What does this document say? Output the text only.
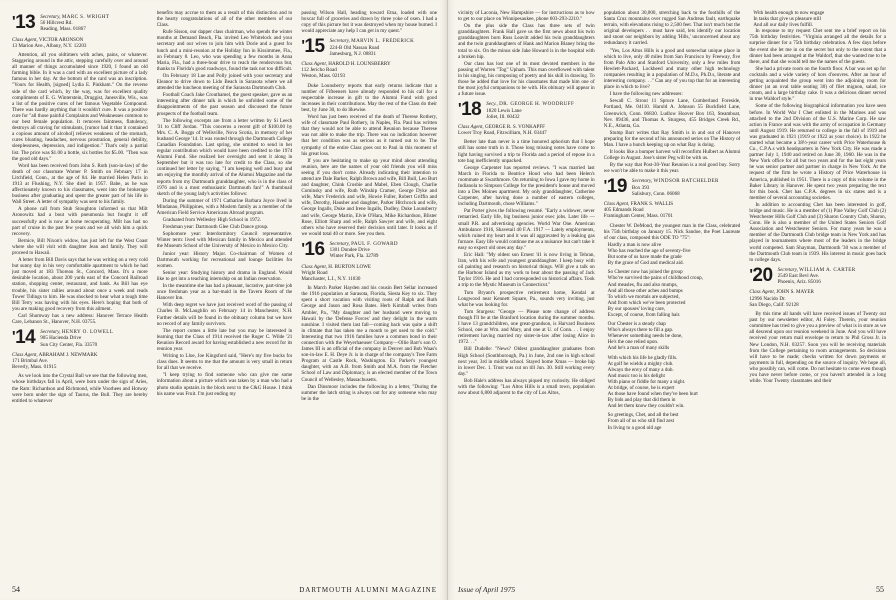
'13 Secretary, MARC S. WRIGHT
56 Hillcrest Rd.
Reading, Mass. 01867
Class Agent, VICTOR ARONSON
13 Marion Ave., Albany, N.Y. 12203

Attention, all you oldtimers with aches, pains, or whatever. Staggering around in the attic, stepping carefully over and around all manner of things accumulated since 1920, I found an old farming bible. In it was a card with an excellent picture of a lady famous in her day. At the bottom of the card was an inscription. "Yours for Health, [signed] Lydia E. Pinkham." On the reverse side of the card which, by the way, was for excellent quality compliments of E. G. Winterstein, Druggist, Janesville, Wis., was a list of the positive cures of her famous Vegetable Compound. There was hardly anything that it wouldn't cure. It was a positive cure for "all those painful Complaints and Weaknesses common to our best female population. It removes faintness, flatulency, destroys all craving for stimulants, [rumor had it that it contained a copious amount of alcohol] relieves weakness of the stomach, cures bloating, headaches, nervous prostration, general debility, sleeplessness, depression, and indigestion." That's only a partial list. The price was $1.00 a bottle, six bottles for $5.00. "Then was the good old days."

Word has been received from John S. Ruth (son-in-law) of the death of our classmate Warner P. Smith on February 17 in Litchfield, Conn., at the age of 84. He married Helen Paris in 1913 at Flushing, N.Y. She died in 1957. Babe, as he was affectionately known to his classmates, went into the brokerage business after graduating and spent the greater part of his life in Wall Street. A letter of sympathy was sent to his family.

A phone call from Stub Stoughton informed us that Milt Aronowitz had a bout with pneumonia but fought it off successfully and is now at home recuperating. Milt has had no part of cruise in the past few years and we all wish him a quick recovery.

Bernice, Bill Nixon's widow, has just left for the West Coast where she will visit with daughter Jean and family. They will proceed to Hawaii.

A letter from Bill Davis says that he was writing on a very cold but sunny day in his very comfortable apartment to which he had just moved at 183 Thoreau St., Concord, Mass. It's a more desirable location, about 200 yards east of the Concord Railroad station, shopping center, restaurant, and bank. As Bill has eye trouble, his sister rallies around about once a week and reads Tower Tidings to him. He was shocked to hear what a tough time Bill Terry was having with his eyes. Here's hoping that both of you are making good recovery from this ailment.

Carl Shumway has a new address: Hanover Terrace Health Care, Lebanon St., Hanover, N.H. 03755.

'14 Secretary, HENRY O. LOWELL
905 Hacienda Drive
Sun City Center, Fla. 33570
Class Agent, ABRAHAM J. NEWMARK
171 Brimbal Ave.
Beverly, Mass. 01915

As we look into the Crystal Ball we see that the following men, whose birthdays fall in April, were born under the sign of Aries, the Ram: Richardson and Richmond, while Voorhees and Hotway were born under the sign of Taurus, the Bull. They are hereby entitled to whatever

benefits may accrue to them as a result of this distinction and to the hearty congratulations of all of the other members of our Class.

Rufe Sisson, our dapper class chairman, who spends the winter months at Demand Beach, Fla. invited Leo Whitelock and your secretary and our wives to join him with Dorie and a guest for lunch and a mini-reunion at the Holiday Inn in Kissimmee, Fla., on February 8. Leo, who was spending a few months in Anna Maria, Fla., had a three-hour drive to reach the rendezvous but, thanks to Florida's good roadways, found the task not too difficult.

On February 18 Lue and Polly joined with your secretary and Eleanor to drive down to Lido Beach in Sarasota where we all attended the luncheon meeting of the Sarasota Dartmouth Club.

Football Coach Jake Crouthamel, the guest speaker, gave us an interesting after dinner talk in which he unfolded some of the disappointments of the past season and discussed the future prospects of the football team.

The following excerpts are from a letter written by Si Leech '31 to Cliff Jordan. "This concerns a recent gift of $100.00 by Mrs. C. A. Boggs of Wellsville, Nova Scotia, in memory of her husband George '14. It was routed through the Dartmouth College Canadian Foundation. Last spring, she omitted to send in her regular contribution which would have been credited to the 1974 Alumni Fund. She realized her oversight and sent it along in September but it was too late for credit to the Class, so she continued her letter by saying, "I am keeping well and busy and am enjoying the monthly arrival of the Alumni Magazine and the reports from my Dartmouth granddaughter, who is in the class of 1976 and is a most enthusiastic Dartmouth fan!" A thumbnail sketch of the young lady's activities follows:

During the summer of 1971 Catharine Barbara Joyce lived in Mindanao, Philippines, with a Moslem family as a member of the American Field Service Americans Abroad program.

Graduated from Wellesley High School in 1972.

Freshman year: Dartmouth Glee Club Dance group.

Sophomore year: Interdormitory Council representative. Winter term: lived with Mexican family in Mexico and attended the Museum School of the University of Mexico in Mexico City.

Junior year: History Major. Co-chairman of Women of Dartmouth working for recreational and lounge facilities for women.

Senior year: Studying history and drama in England. Would like to get into a teaching internship on an Indian reservation.

In the meantime she has had a pleasant, lucrative, part-time job once freshman year as a bar-maid in the Tavern Room of the Hanover Inn.

With deep regret we have just received word of the passing of Charles B. McLaughlin on February 14 in Manchester, N.H. Further details will be found in the obituary column but we have no record of any family survivors.

The report comes a little late but you may be interested in learning that the Class of 1914 received the Roger C. Wilde '21 Reunion Record award for having established a new record for its reunion year.

Writing to Lloe, Joe Kingsford said, "Here's my five bucks for class dues. It seems to me that the amount is very small in return for all that we receive.

"I keep trying to find someone who can give me some information about a picture which was taken by a man who had a photo studio upstairs in the block next to the C&G House. I think his name was Fruit. I'm just ending my

passing Wilson Hall, heading toward Etna, loaded with one boxcar full of groceries and drawn by three yoke of oxen. I had a copy of this picture but it was destroyed when my house burned. I would appreciate any help I can get in my quest."

'15 Secretary, MARVIN L. FREDERICK
224-B Old Nassau Road
Jamesburg, N.J. 08831
Class Agent, HAROLD H. LOUNSBERRY
112 Jericho Road
Weston, Mass. 02193

Duke Lounsberry reports that early returns indicate that a number of Fifteeners have already responded to his call for a respectable increase in gift to the Alumni Fund with good increases in their contributions. May the rest of the Class do their best, by June 30, to do likewise.

Word has just been received of the death of Therese Rothery, wife of classmate Paul Rothery, in Naples, Fla. Paul has written that they would not be able to attend Reunion because Therese was not able to make the trip. There was no indication however that her condition was as serious as it turned out to be. The sympathy of the entire Class goes out to Paul in this moment of his great loss.

If you are hesitating to make up your mind about attending reunion, here are the names of your old friends you will miss seeing if you don't come. Already indicating their intention to attend are Dale Barker, Ralph Brown and wife, Bill Bull, Leo Burt and daughter, Chink Crosbie and Mabel, Eben Clough, Charlie Cominsky and wife, Ruth Winship Cramer, George Dyke and wife, Marv Frederick and wife, Howie Fuller, Robert Griffin and wife, Dorothy, Hausher and daughter, Parker Hitchcock and wife, George Ingalls, Duke and Irene Ingalls, Dudley, Duke Lounsberry and wife, George Martin, Elvie O'Hara, Mike Richardson, Blister Rose, Elliott Sharp and wife, Ralph Sawyer and wife, and eight others who have reserved their decision until later. It looks as if we would total 40 or more. See you then.

'16 Secretary, PAUL F. GOWARD
1301 Dundee Drive
Winter Park, Fla. 32789
Class Agent, H. BURTON LOWE
Wright Road
Manchaster, L.I., N.Y. 11030

In March Parker Hayden and his cousin Bert Sellar increased the 1916 population at Sarasota, Florida, Siesta Key to six. They spent a short vacation with visiting roots of Ralph and Ruth George and Jason and Rosa Bates. Herb Kimball writes from Ambler, Pa., "My daughter and her husband were moving to Hawaii by the 'Defense Forces' and they delight in the warm sunshine. I visited them last fall—coming back was quite a shift in climate that has taken me a month to get used to the cold." Interesting that two 1916 families have a common bond in their connection with the Weyerhaeuser Company—Ollie Barr's son O. James III is an official of the company in Denver and Bob Waas's son-in-law E. H. Deye Jr. is in charge of the company's Tree Farm Program at Castle Rock, Washington. Ex Parker's youngest daughter, with an A.B. from Smith and M.A. from the Fletcher School of Law and Diplomacy, is an elected member of the Town Council of Wellesley, Massachusetts.

Dan Dinsmoor includes the following in a letter, "During the summer the latch string is always out for any someone who may be in the

54	DARTMOUTH ALUMNI MAGAZINE

vicinity of Laconia, New Hampshire — for instructions as to how to get to our place on Winnipesaukee, phone 603-293-2210."

On the plus side the Class has three sets of twin granddaughters. Frank Hall gave us the first news about his twin granddaughters born Russ Leavitt added his twin granddaughters and the twin granddaughters of Hank and Marion Blaney bring the total to six. On the minus side Jake Howard is in the hospital with a broken hip.

Our class has lost one of its most devoted members in the passing of Warren "Tog" Upham. This man overflowed with talent in his singing, his composing of poetry and his skill in drawing. To those he added that love for his classmates that made him one of the most joyful companions to be with. His obituary will appear in a future issue.

'18 Secy., DR. GEORGE H. WOODRUFF
1820 Lewis Lane
Joliet, Ill. 60432
Class Agent, GEORGE R. S. VONKAPFF
Lower Troy Road, Fitzwilliam, N.H. 03447

Better late than never is a time honored aphorism that I hope still has some truth in it. Those long missing notes have come to light having survived a trip to Florida and a period of repose in a tote bag inefficiently unpacked.

George Carpenter has reported reviews. "I was married last March in Florida to Beatrice Hood who had been Helen's roommate at Swarthmore. On returning to Iowa I gave my home in Indianola to Simpson College for the president's house and moved into a Des Moines apartment. My only granddaughter, Catherine Carpenter, after having done a number of eastern colleges, including Dartmouth, chose Williams."

Pat Porter gives the following resumé. "Early a widower, never remarried. Early life, big business junior exec jobs. Later life — small P.R. and advertising agencies. World War One. American Ambulance 1916, Shavetail 40 F.A. 1917 — Lately employments, which ruined my heart and it was all aggravated by a leaking gas furnace. Easy life would continue me as a nuisance but can't take it easy so expect old ones any day."

Eric Hall: "My oldest son Ernest '41 is now living in Tehran, Iran, with his wife and youngest granddaughter. I keep busy with oil painting and research on historical things. Will give a talk on the Harbour Island as my work to hear about the passing of Jack Taylor 1916. He and I had corresponded on historical affairs. Took a trip to the Mystic Museum in Connecticut."

Tom Bryant's prospective retirement home, Kendal at Longwood near Kennett Square, Pa., sounds very inviting, just what he was looking for.

Tom Sturgess: "George — Please note change of address though I'll be at the Branford location during the summer months. I have 13 grandchildren, one great-grandson, is Harvard Business School, one at Wm. and Mary, and one at U. of Conn. . . I enjoy retirement having married my sister-in-law after losing Alice in 1972. . ."

Bill Dudelle: "News? Oldest granddaughter graduates from High School (Southborough, Pa.) in June, 2nd one in high school next year, 3rd in middle school. Stayed home Xmas — broke hip in lower Dec. 1. Trust was cut on till Jun. 30. Still working every day."

Bob Hale's address has always piqued my curiosity. He obliged with the following: "Los Altos Hills is a small town, population now about 6,800 adjacent to the city of Los Altos,

population about 30,000, stretching back to the foothills of the Santa Cruz mountains over rugged San Andreas fault, earthquake terrain, with elevations rising to 2,500 feet. That isn't much but the original developers . . must have said, lets identify our location and snoot our neighbors by adding 'Hills,' unconcerned about any redundancy it carried.

"Yes, Los Altos Hills is a good and somewhat unique place in which to live, only 40 miles from San Francisco by Freeway, five from Palo Alto and Stanford University, only a few miles from Hewlett-Packard, Lockheed and many other high technology companies resulting in a population of M.D.s, Ph.D.s, literate and interesting company. . ." Can any of you top that for an interesting place in which to live?

I have the following new addresses:

Sewall C. Strout 11 Spruce Lane, Cumberland Foreside, Portland, Me. 04110. Harold A. Johnson 55 Buckfield Lane, Greenwich, Conn. 06830. Ludlow Hoover Box 163, Steamboat, Nev. 89436, and Thomas A. Sturgess, 455 Bridges Creek Rd., N.E., Atlanta, Ga.

Stump Barr writes that Ray Smith is in and out of Hanover preparing for the second of his announced series on The History of Man. I have a hunch keeping up on what Ray is doing.

It looks like a bumper harvest will reconfirm Hulbert as Alumni College in August. Jose's sister Peg will be with us.

By the way that Post-30-Year Reunion is a real good buy. Sorry we won't be able to make it this year.

'19 Secretary, WINDSOR BATCHELDER
Box 393
Salisbury, Conn. 06068
Class Agent, FRANK S. WALLIS
405 Edmands Road
Framingham Center, Mass. 01701

Chester W. DeMond, the youngest man in the Class, celebrated his 75th birthday on January 15. Nick Sandoe, the Poet Laureate of our class, composed this ODE TO "75":

Hardly a man is now alive
Who has reached the age of seventy-five
But some of us have made the grade
By the grace of God and medical aid.

So Chester now has joined the group
Who've survived the pains of childhood croup,
And measles, flu and also mumps,
And all those other aches and bumps
To which we mortals are subjected,
And from which we've been protected
By our spouses' loving care,
Except, of course, from falling hair.

Our Chester is a steady chap
Who's always there to fill a gap.
Whenever something needs be done,
He's the one relied upon.
And he's a man of many skills

With which his life he gladly fills.
At golf he wields a mighty club.
Always the envy of many a dub.
And music too is his delight
With piano or fiddle for many a night.
At bridge, of course, he is expert
As those have found when they've been hurt
By bids and play that did them in
And let them know they couldn't win.

So greetings, Chet, and all the best
From all of us who still find zest
In living to a good old age
With health enough to now engage
In tasks that give us pleasure still
And all our daily lives fulfill.

In response to my request Chet sent me a brief report on his 75th birthday festivities. "Virginia arranged all the details for a surprise dinner for a 75th birthday celebration. A few days before the event she let me in on the secret but only to the extent that a dinner had been arranged at the Waldorf, that she wanted me to be there, and that she would tell me the names of the guests.

She had a private room on the fourth floor. A bar was set up for cocktails and a wide variety of hors d'oeuvres. After an hour of getting acquainted the group went into the adjoining room for dinner (at an oval table seating 30) of filet mignon, salad, ice cream, and a large birthday cake. It was a delicious dinner served in true Waldorf style."

Some of the following biographical information you have seen before. In World War I Chet enlisted in the Marines and was attached to the 2nd Division of the U.S. Marine Corp. He saw action in France and was with the army of occupation in Germany until August 1919. He returned to college in the fall of 1919 and was graduated in 1921 (1919 or 1922 as your choice). In 1922 he started what became a 38½-year career with Price Waterhouse & Co., C.P.A.s with headquarters in New York City. He was made a partner July 1, 1940 and retired on June 30, 1960. He was in the New York office for all but two years and for the last eight years he was senior partner and partner in charge in New York. At the request of the firm he wrote a History of Price Waterhouse in America, published in 1951. There is a copy of this volume in the Baker Library in Hanover. He spent two years preparing the text for this book. Chet has C.P.A. degrees in six states and is a member of several accounting societies.

In addition to accounting Chet has been interested in golf, bridge and music. He is a member of (1) Pine Valley Golf Club (2) Westchester Hills Golf Club and (3) Sharon Country Club, Sharon, Conn. He is also a member of the United States Seniors Golf Association and Westchester Seniors. For many years he was a member of the Dartmouth Club bridge team in New York and has played in tournaments where most of the leaders in the bridge world competed. Sam Shayman, Dartmouth '30 was a member of the Dartmouth Club team in 1939. His interest in music goes back to college days.

'20 Secretary, WILLIAM A. CARTER
2549 East Bevl Ave.
Phoenix, Ariz. 85016
Class Agent, JOHN S. MAYER
12996 Nacido Dr.
San Diego, Calif. 92128

By this time all hands will have received issues of Twenty out past by our newsletter editor, Al Foley. Therein, your reunion committee has tried to give you a preview of what is in store as we all descend upon our reunion weekend in June. And you will have received your return mail envelope to return to Phil Gross Jr. in New London, N.H. 03257. Soon you will be receiving materials from the College pertaining to room arrangements. So decisions will have to be made; checks written for down payments or payments in full, depending on the source of inquiry. We hope all, who possibly can, will come. Do not hesitate to come even though you have never before come, or you haven't attended in a long while. Your Twenty classmates and their

Issue of April 1975	55
